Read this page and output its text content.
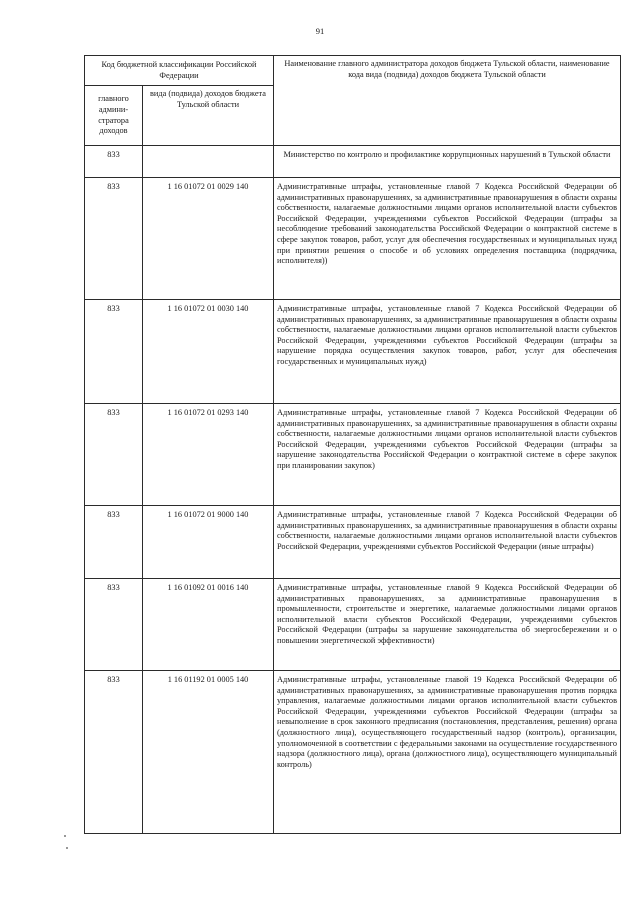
91
Код бюджетной классификации Российской Федерации		Наименование главного администратора доходов бюджета Тульской области, наименование кода вида (подвида) доходов бюджета Тульской области
главного админи-стратора доходов	вида (подвида) доходов бюджета Тульской области	
833		Министерство по контролю и профилактике коррупционных нарушений в Тульской области
833	1 16 01072 01 0029 140	Административные штрафы, установленные главой 7 Кодекса Российской Федерации об административных правонарушениях, за административные правонарушения в области охраны собственности, налагаемые должностными лицами органов исполнительной власти субъектов Российской Федерации, учреждениями субъектов Российской Федерации (штрафы за несоблюдение требований законодательства Российской Федерации о контрактной системе в сфере закупок товаров, работ, услуг для обеспечения государственных и муниципальных нужд при принятии решения о способе и об условиях определения поставщика (подрядчика, исполнителя))
833	1 16 01072 01 0030 140	Административные штрафы, установленные главой 7 Кодекса Российской Федерации об административных правонарушениях, за административные правонарушения в области охраны собственности, налагаемые должностными лицами органов исполнительной власти субъектов Российской Федерации, учреждениями субъектов Российской Федерации (штрафы за нарушение порядка осуществления закупок товаров, работ, услуг для обеспечения государственных и муниципальных нужд)
833	1 16 01072 01 0293 140	Административные штрафы, установленные главой 7 Кодекса Российской Федерации об административных правонарушениях, за административные правонарушения в области охраны собственности, налагаемые должностными лицами органов исполнительной власти субъектов Российской Федерации, учреждениями субъектов Российской Федерации (штрафы за нарушение законодательства Российской Федерации о контрактной системе в сфере закупок при планировании закупок)
833	1 16 01072 01 9000 140	Административные штрафы, установленные главой 7 Кодекса Российской Федерации об административных правонарушениях, за административные правонарушения в области охраны собственности, налагаемые должностными лицами органов исполнительной власти субъектов Российской Федерации, учреждениями субъектов Российской Федерации (иные штрафы)
833	1 16 01092 01 0016 140	Административные штрафы, установленные главой 9 Кодекса Российской Федерации об административных правонарушениях, за административные правонарушения в промышленности, строительстве и энергетике, налагаемые должностными лицами органов исполнительной власти субъектов Российской Федерации, учреждениями субъектов Российской Федерации (штрафы за нарушение законодательства об энергосбережении и о повышении энергетической эффективности)
833	1 16 01192 01 0005 140	Административные штрафы, установленные главой 19 Кодекса Российской Федерации об административных правонарушениях, за административные правонарушения против порядка управления, налагаемые должностными лицами органов исполнительной власти субъектов Российской Федерации, учреждениями субъектов Российской Федерации (штрафы за невыполнение в срок законного предписания (постановления, представления, решения) органа (должностного лица), осуществляющего государственный надзор (контроль), организации, уполномоченной в соответствии с федеральными законами на осуществление государственного надзора (должностного лица), органа (должностного лица), осуществляющего муниципальный контроль)
